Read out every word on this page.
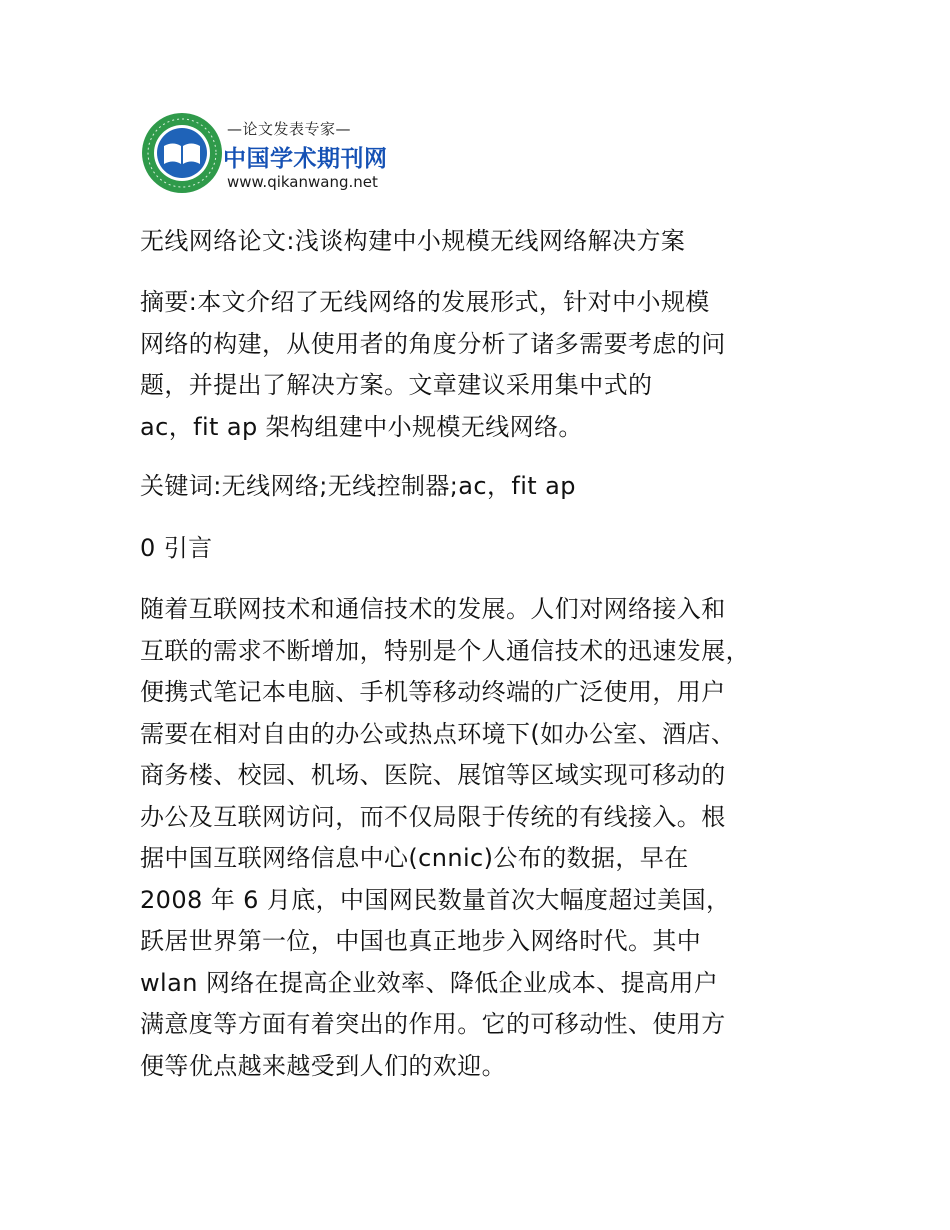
—论文发表专家—
中国学术期刊网
www.qikanwang.net

无线网络论文:浅谈构建中小规模无线网络解决方案

摘要:本文介绍了无线网络的发展形式，针对中小规模
网络的构建，从使用者的角度分析了诸多需要考虑的问
题，并提出了解决方案。文章建议采用集中式的
ac，fit ap 架构组建中小规模无线网络。

关键词:无线网络;无线控制器;ac，fit ap

0 引言

随着互联网技术和通信技术的发展。人们对网络接入和
互联的需求不断增加，特别是个人通信技术的迅速发展，
便携式笔记本电脑、手机等移动终端的广泛使用，用户
需要在相对自由的办公或热点环境下(如办公室、酒店、
商务楼、校园、机场、医院、展馆等区域实现可移动的
办公及互联网访问，而不仅局限于传统的有线接入。根
据中国互联网络信息中心(cnnic)公布的数据，早在
2008 年 6 月底，中国网民数量首次大幅度超过美国，
跃居世界第一位，中国也真正地步入网络时代。其中
wlan 网络在提高企业效率、降低企业成本、提高用户
满意度等方面有着突出的作用。它的可移动性、使用方
便等优点越来越受到人们的欢迎。
